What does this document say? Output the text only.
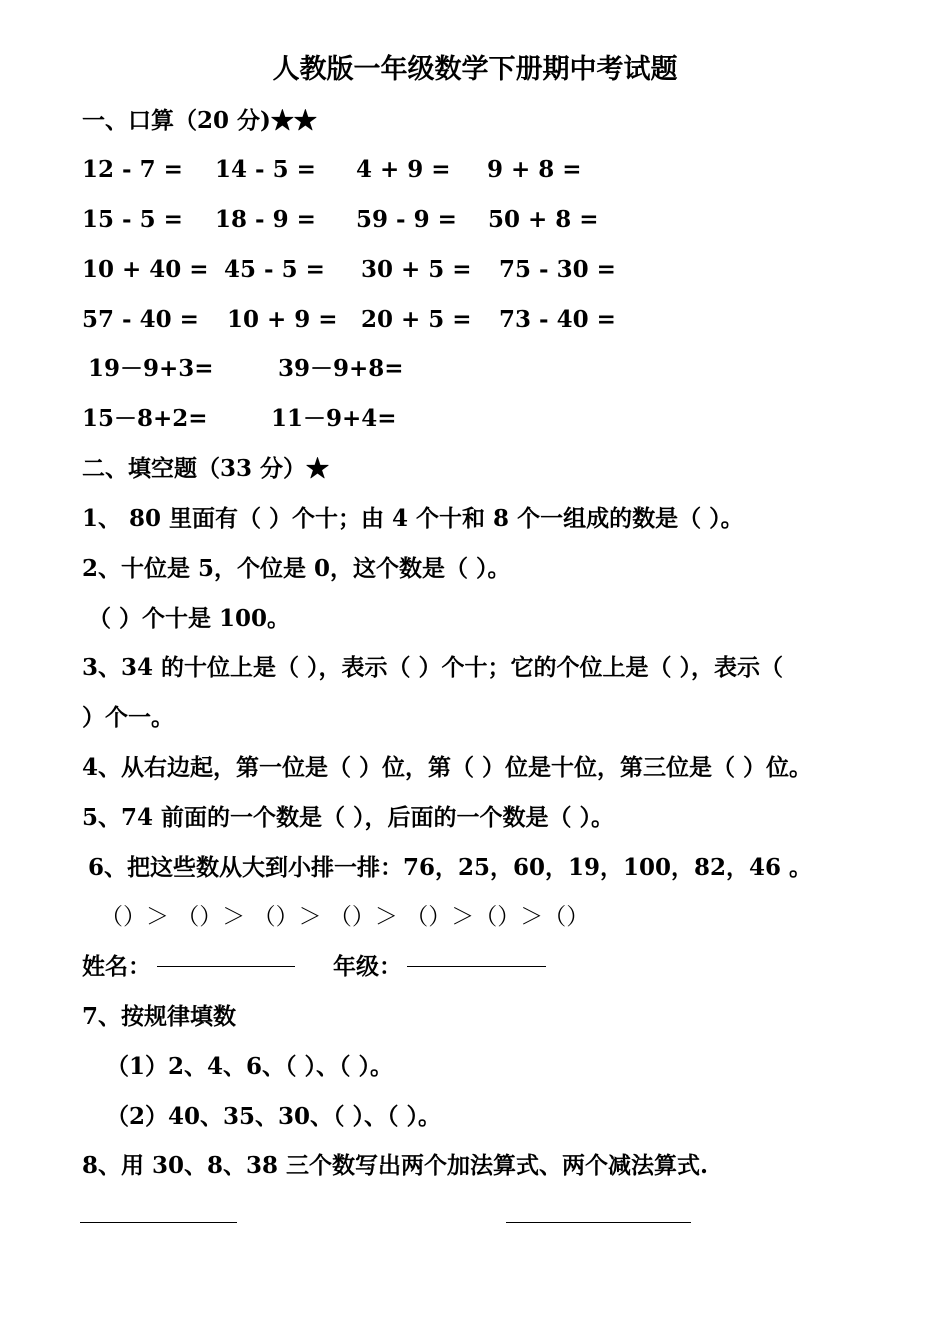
人教版一年级数学下册期中考试题
一、口算（20 分)★★
12 - 7 = 14 - 5 = 4 + 9 = 9 + 8 =
15 - 5 = 18 - 9 = 59 - 9 = 50 + 8 =
10 + 40 = 45 - 5 = 30 + 5 = 75 - 30 =
57 - 40 = 10 + 9 = 20 + 5 = 73 - 40 =
19－9+3=	39－9+8=
15－8+2=	11－9+4=
二、填空题（33 分）★
1、 80 里面有（ ）个十；由 4 个十和 8 个一组成的数是（ ）。
2、十位是 5，个位是 0，这个数是（ ）。
（ ）个十是 100。
3、34 的十位上是（ ），表示（ ）个十；它的个位上是（ ），表示（
）个一。
4、从右边起，第一位是（ ）位，第（ ）位是十位，第三位是（ ）位。
5、74 前面的一个数是（ ），后面的一个数是（ ）。
6、把这些数从大到小排一排：76，25，60，19，100，82，46 。
（）＞ （）＞ （）＞ （）＞ （）＞（）＞（）
姓名：	年级：
7、按规律填数
（1）2、4、6、（ ）、（ ）。
（2）40、35、30、（ ）、（ ）。
8、用 30、8、38 三个数写出两个加法算式、两个减法算式.
